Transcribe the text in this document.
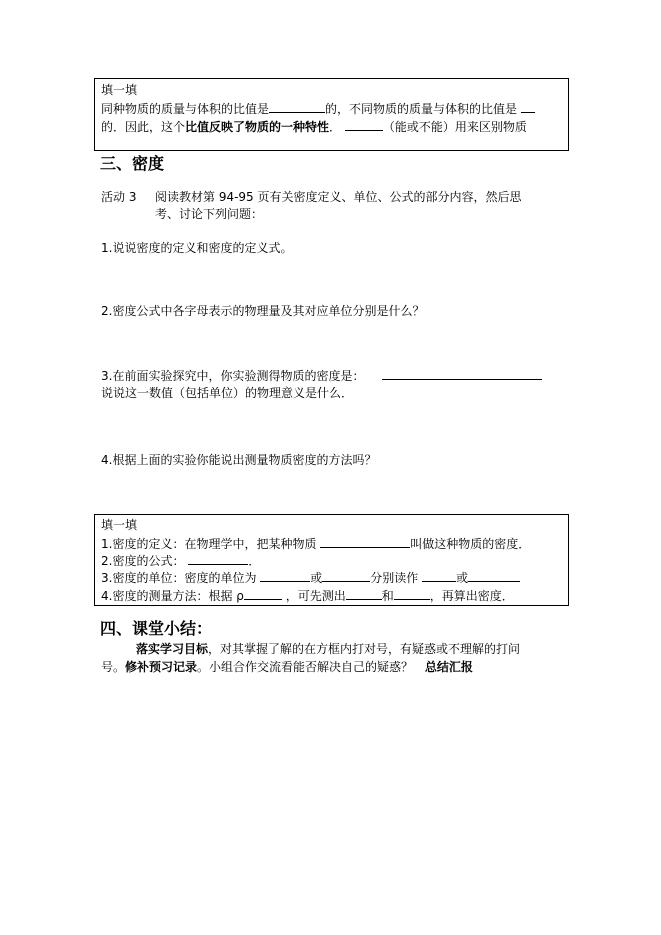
填一填
同种物质的质量与体积的比值是	的，不同物质的质量与体积的比值是
的．因此，这个比值反映了物质的一种特性．	（能或不能）用来区别物质
三、密度
活动 3 阅读教材第 94-95 页有关密度定义、单位、公式的部分内容，然后思
考、讨论下列问题：
1.说说密度的定义和密度的定义式。
2.密度公式中各字母表示的物理量及其对应单位分别是什么？
3.在前面实验探究中，你实验测得物质的密度是：
说说这一数值（包括单位）的物理意义是什么．
4.根据上面的实验你能说出测量物质密度的方法吗？
填一填
1.密度的定义：在物理学中，把某种物质	叫做这种物质的密度．
2.密度的公式：	．
3.密度的单位：密度的单位为	或	分别读作	或
4.密度的测量方法：根据 ρ	，可先测出	和	，再算出密度．
四、课堂小结：
落实学习目标，对其掌握了解的在方框内打对号，有疑惑或不理解的打问
号。修补预习记录。小组合作交流看能否解决自己的疑惑？ 总结汇报
